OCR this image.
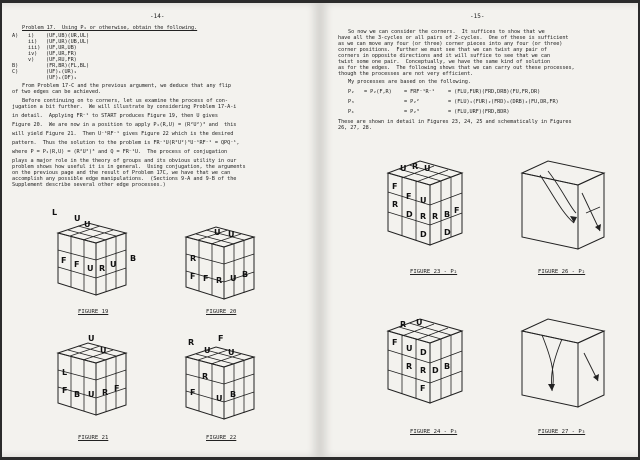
-14-
Problem 17.  Using P₁ or otherwise, obtain the following.
A) i) (UF,UB)(UR,UL)
ii) (UF,UR)(UB,UL)
iii) (UF,UR,UB)
iv) (UF,UR,FR)
v) (UF,RU,FR)
B)	(FR,BR)(FL,BL)
C)	(UF)₁(UR)₁
(UF)₁(DF)₁
From Problem 17-C and the previous argument, we deduce that any flip
of two edges can be achieved.
Before continuing on to corners, let us examine the process of con-
jugation a bit further.  We will illustrate by considering Problem 17-A-i
in detail.  Applying FR⁻¹ to START produces Figure 19, then U gives
Figure 20.  We are now in a position to apply P₁(R,U) = (R²U²)³ and  this
will yield Figure 21.  Then U⁻¹RF⁻¹ gives Figure 22 which is the desired
pattern.  Thus the solution to the problem is FR⁻¹U(R²U²)³U⁻¹RF⁻¹ = QPQ⁻¹,
where P = P₁(R,U) = (R²U²)³ and Q = FR⁻¹U.  The process of conjugation
plays a major role in the theory of groups and its obvious utility in our
problem shows how useful it is in general.  Using conjugation, the arguments
on the previous page and the result of Problem 17C, we have that we can
accomplish any possible edge manipulations.  (Sections 9-A and 9-B of the
Supplement describe several other edge processes.)
L
U
U
F F U R U
B
FIGURE 19
U
R
U
F F R
B
U
FIGURE 20
U
L
U
F B U R F
FIGURE 21
R	F
U U
F
U B
R
FIGURE 22
-15-
So now we can consider the corners.  It suffices to show that we
have all the 3-cycles or all pairs of 2-cycles.  One of these is sufficient
as we can move any four (or three) corner pieces into any four (or three)
corner positions.  Further we must see that we can twist any pair of
corners in opposite directions and it will suffice to see that we can
twist some one pair.  Conceptually, we have the same kind of solution
as for the edges.  The following shows that we can carry out these processes,
though the processes are not very efficient.
My processes are based on the following.
P₂ = P₂(F,R) = FRF⁻¹R⁻¹	= (FLU,FUR)(FRD,DRB)(FU,FR,DR)
P₃	= P₂²	= (FLU)₁(FUR)₂(FRD)₁(DRB)₂(FU,DR,FR)
P₄	= P₂³	= (FLU,URF)(FRD,BDR)
These are shown in detail in Figures 23, 24, 25 and schematically in Figures
26, 27, 28.
U R U
F
R
F U
D R R B
D
F
D
FIGURE 23 - P₂	FIGURE 26 - P₂
R U
F
U D
R R D B
F
FIGURE 24 - P₃	FIGURE 27 - P₃
